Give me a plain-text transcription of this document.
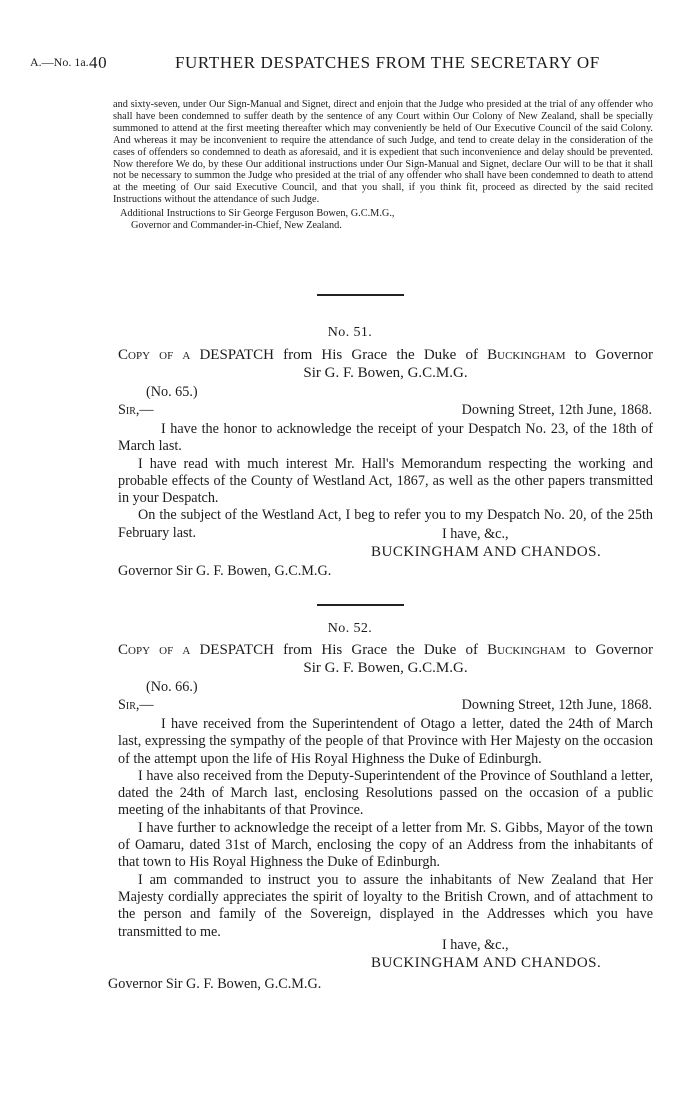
A.—No. 1a. 40	FURTHER DESPATCHES FROM THE SECRETARY OF

and sixty-seven, under Our Sign-Manual and Signet, direct and enjoin that the Judge who presided at the trial of any offender who shall have been condemned to suffer death by the sentence of any Court within Our Colony of New Zealand, shall be specially summoned to attend at the first meeting thereafter which may conveniently be held of Our Executive Council of the said Colony. And whereas it may be inconvenient to require the attendance of such Judge, and tend to create delay in the consideration of the cases of offenders so condemned to death as aforesaid, and it is expedient that such inconvenience and delay should be prevented. Now therefore We do, by these Our additional instructions under Our Sign-Manual and Signet, declare Our will to be that it shall not be necessary to summon the Judge who presided at the trial of any offender who shall have been condemned to death to attend at the meeting of Our said Executive Council, and that you shall, if you think fit, proceed as directed by the said recited Instructions without the attendance of such Judge.

Additional Instructions to Sir George Ferguson Bowen, G.C.M.G.,

Governor and Commander-in-Chief, New Zealand.

No. 51.
Copy of a DESPATCH from His Grace the Duke of Buckingham to Governor
Sir G. F. Bowen, G.C.M.G.
(No. 65.)
Sir,—	Downing Street, 12th June, 1868.

I have the honor to acknowledge the receipt of your Despatch No. 23, of the 18th of March last.

I have read with much interest Mr. Hall's Memorandum respecting the working and probable effects of the County of Westland Act, 1867, as well as the other papers transmitted in your Despatch.

On the subject of the Westland Act, I beg to refer you to my Despatch No. 20, of the 25th February last.	I have, &c.,
BUCKINGHAM AND CHANDOS.
Governor Sir G. F. Bowen, G.C.M.G.
No. 52.
Copy of a DESPATCH from His Grace the Duke of Buckingham to Governor
Sir G. F. Bowen, G.C.M.G.
(No. 66.)
Sir,—	Downing Street, 12th June, 1868.

I have received from the Superintendent of Otago a letter, dated the 24th of March last, expressing the sympathy of the people of that Province with Her Majesty on the occasion of the attempt upon the life of His Royal Highness the Duke of Edinburgh.

I have also received from the Deputy-Superintendent of the Province of Southland a letter, dated the 24th of March last, enclosing Resolutions passed on the occasion of a public meeting of the inhabitants of that Province.

I have further to acknowledge the receipt of a letter from Mr. S. Gibbs, Mayor of the town of Oamaru, dated 31st of March, enclosing the copy of an Address from the inhabitants of that town to His Royal Highness the Duke of Edinburgh.

I am commanded to instruct you to assure the inhabitants of New Zealand that Her Majesty cordially appreciates the spirit of loyalty to the British Crown, and of attachment to the person and family of the Sovereign, displayed in the Addresses which you have transmitted to me.

I have, &c.,
BUCKINGHAM AND CHANDOS.
Governor Sir G. F. Bowen, G.C.M.G.
